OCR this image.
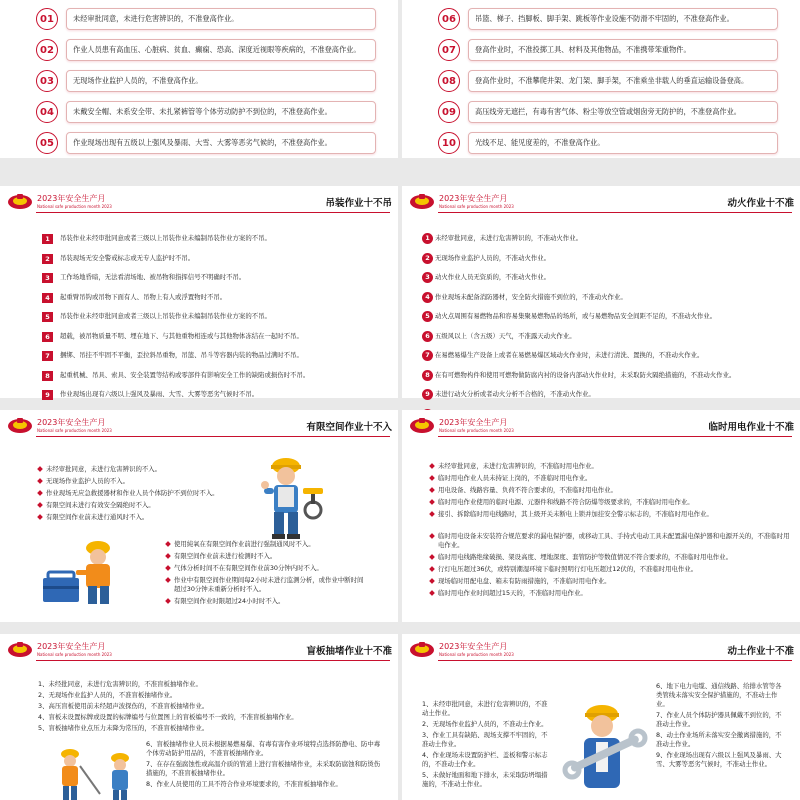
01	未经审批同意，未进行危害辨识的，不准登高作业。
02	作业人员患有高血压、心脏病、贫血、癫痫、恐高、深度近视眼等疾病的，不准登高作业。
03	无现场作业监护人员的，不准登高作业。
04	未戴安全帽、未系安全带、未扎紧裤管等个体劳动防护不到位的，不准登高作业。
05	作业现场出现有五级以上强风及暴雨、大雪、大雾等恶劣气候的，不准登高作业。
06	吊篮、梯子、挡脚板、脚手架、跳板等作业设施不防滑不牢固的，不准登高作业。
07	登高作业时，不准投掷工具、材料及其他物品，不准携带笨重物件。
08	登高作业时，不准攀爬井架、龙门架、脚手架，不准乘坐非载人的垂直运输设备登高。
09	高压线旁无遮拦，有毒有害气体、粉尘等放空管或烟囱旁无防护的，不准登高作业。
10	光线不足、能见度差的，不准登高作业。
2023年安全生产月
National safe production month 2023	吊装作业十不吊
1	吊装作业未经审批同意或者三级以上吊装作业未编制吊装作业方案的不吊。
2	吊装现场无安全警戒标志或无专人监护时不吊。
3	工作场地昏暗，无法看清场地、被吊物和指挥信号不明确时不吊。
4	起重臂吊钩或吊物下面有人、吊物上有人或浮置物时不吊。
5	吊装作业未经审批同意或者三级以上吊装作业未编制吊装作业方案的不吊。
6	超载，被吊物质量不明、埋在地下、与其他重物相连或与其他物体冻结在一起时不吊。
7	捆绑、吊挂不牢固不平衡，歪拉斜吊重物，吊篮、吊斗等容器内装的物品过满时不吊。
8	起重机械、吊具、索具、安全装置等结构或零部件有影响安全工作的缺陷或损伤时不吊。
9	作业现场出现有六级以上强风及暴雨、大雪、大雾等恶劣气候时不吊。
2023年安全生产月
National safe production month 2023	动火作业十不准
1 未经审批同意，未进行危害辨识的，不准动火作业。
2 无现场作业监护人员的，不准动火作业。
3 动火作业人员无资质的，不准动火作业。
4 作业现场未配备消防器材，安全防火措施不到位的，不准动火作业。
5 动火点周围有易燃物品和容易集聚易燃物品的场所，或与易燃物品安全间距不足的，不准动火作业。
6 五级风以上（含五级）天气，不准露天动火作业。
7 在易燃易爆生产设备上或者在易燃易爆区域动火作业时，未进行清洗、置换的，不准动火作业。
8 在有可燃物构件和使用可燃物做防腐内衬的设备内部动火作业时，未采取防火隔绝措施的，不准动火作业。
9 未进行动火分析或者动火分析不合格的，不准动火作业。
2023年安全生产月
National safe production month 2023	有限空间作业十不入
未经审批同意，未进行危害辨识的不入。
无现场作业监护人员的不入。
作业现场无应急救援器材和作业人员个体防护不到位时不入。
有限空间未进行有效安全隔绝时不入。
有限空间作业前未进行通风时不入。
使用純氧在有限空间作业前进行强制通风时不入。
有限空间作业前未进行检测时不入。
气体分析时间不在有限空间作业前30分钟内时不入。
作业中有限空间作业期间每2小时未进行监测分析，或作业中断时间超过30分钟未重新分析时不入。
有限空间作业时限超过24小时时不入。
2023年安全生产月
National safe production month 2023	临时用电作业十不准
未经审批同意，未进行危害辨识的，不准临时用电作业。
临时用电作业人员未持证上岗的，不准临时用电作业。
用电设备、线路容量、负荷不符合要求的，不准临时用电作业。
临时用电作业使用的临时电源、元器件和线路不符合防爆等级要求的，不准临时用电作业。
接引、拆除临时用电线路时，其上级开关未断电上锁并加挂安全警示标志的，不准临时用电作业。
临时用电设备未安装符合规范要求的漏电保护器，或移动工具、手持式电动工具未配置漏电保护器和电源开关的，不准临时用电作业。
临时用电线路绝缘破损、架设高度、埋地深度、套管防护等数值情况不符合要求的，不准临时用电作业。
行灯电压超过36伏，或特别潮湿环境下临时照明行灯电压超过12伏的，不准临时用电作业。
现场临时用配电盘、箱未有防雨措施的，不准临时用电作业。
临时用电作业时间超过15天的，不准临时用电作业。
2023年安全生产月
National safe production month 2023	盲板抽堵作业十不准
1、未经批同意，未进行危害辨识的，不准盲板抽堵作业。
2、无现场作业监护人员的，不准盲板抽堵作业。
3、高压盲板使用前未经超声波探伤的，不准盲板抽堵作业。
4、盲板未设置标牌或设置的标牌编号与位置图上的盲板编号不一致的，不准盲板抽堵作业。
5、盲板抽堵作业点压力未降为常压的，不准盲板抽堵作业。
6、盲板抽堵作业人员未根据易燃易爆、有毒有害作业环境特点选择防静电、防中毒个体劳动防护用品的，不准盲板抽堵作业。
7、在存在强腐蚀性或高温介质的管道上进行盲板抽堵作业，未采取防腐蚀和防烫伤措施的，不准盲板抽堵作业。
8、作业人员使用的工具不符合作业环境要求的，不准盲板抽堵作业。
2023年安全生产月
National safe production month 2023	动土作业十不准
1、未经审批同意，未进行危害辨识的，不准动土作业。
2、无现场作业监护人员的，不准动土作业。
3、作业工具有缺陷、现场支撑不牢固的，不准动土作业。
4、作业现场未设置防护栏、盖板和警示标志的，不准动土作业。
5、未做好地面和地下排水，未采取防坍塌措施的，不准动土作业。
6、地下电力电缆、通信线路、给排水管等各类管线未落实安全保护措施的，不准动土作业。
7、作业人员个体防护器具佩戴不到位的，不准动土作业。
8、动土作业场所未落实安全撤离措施的，不准动土作业。
9、作业现场出现有六级以上强风及暴雨、大雪、大雾等恶劣气候时，不准动土作业。
